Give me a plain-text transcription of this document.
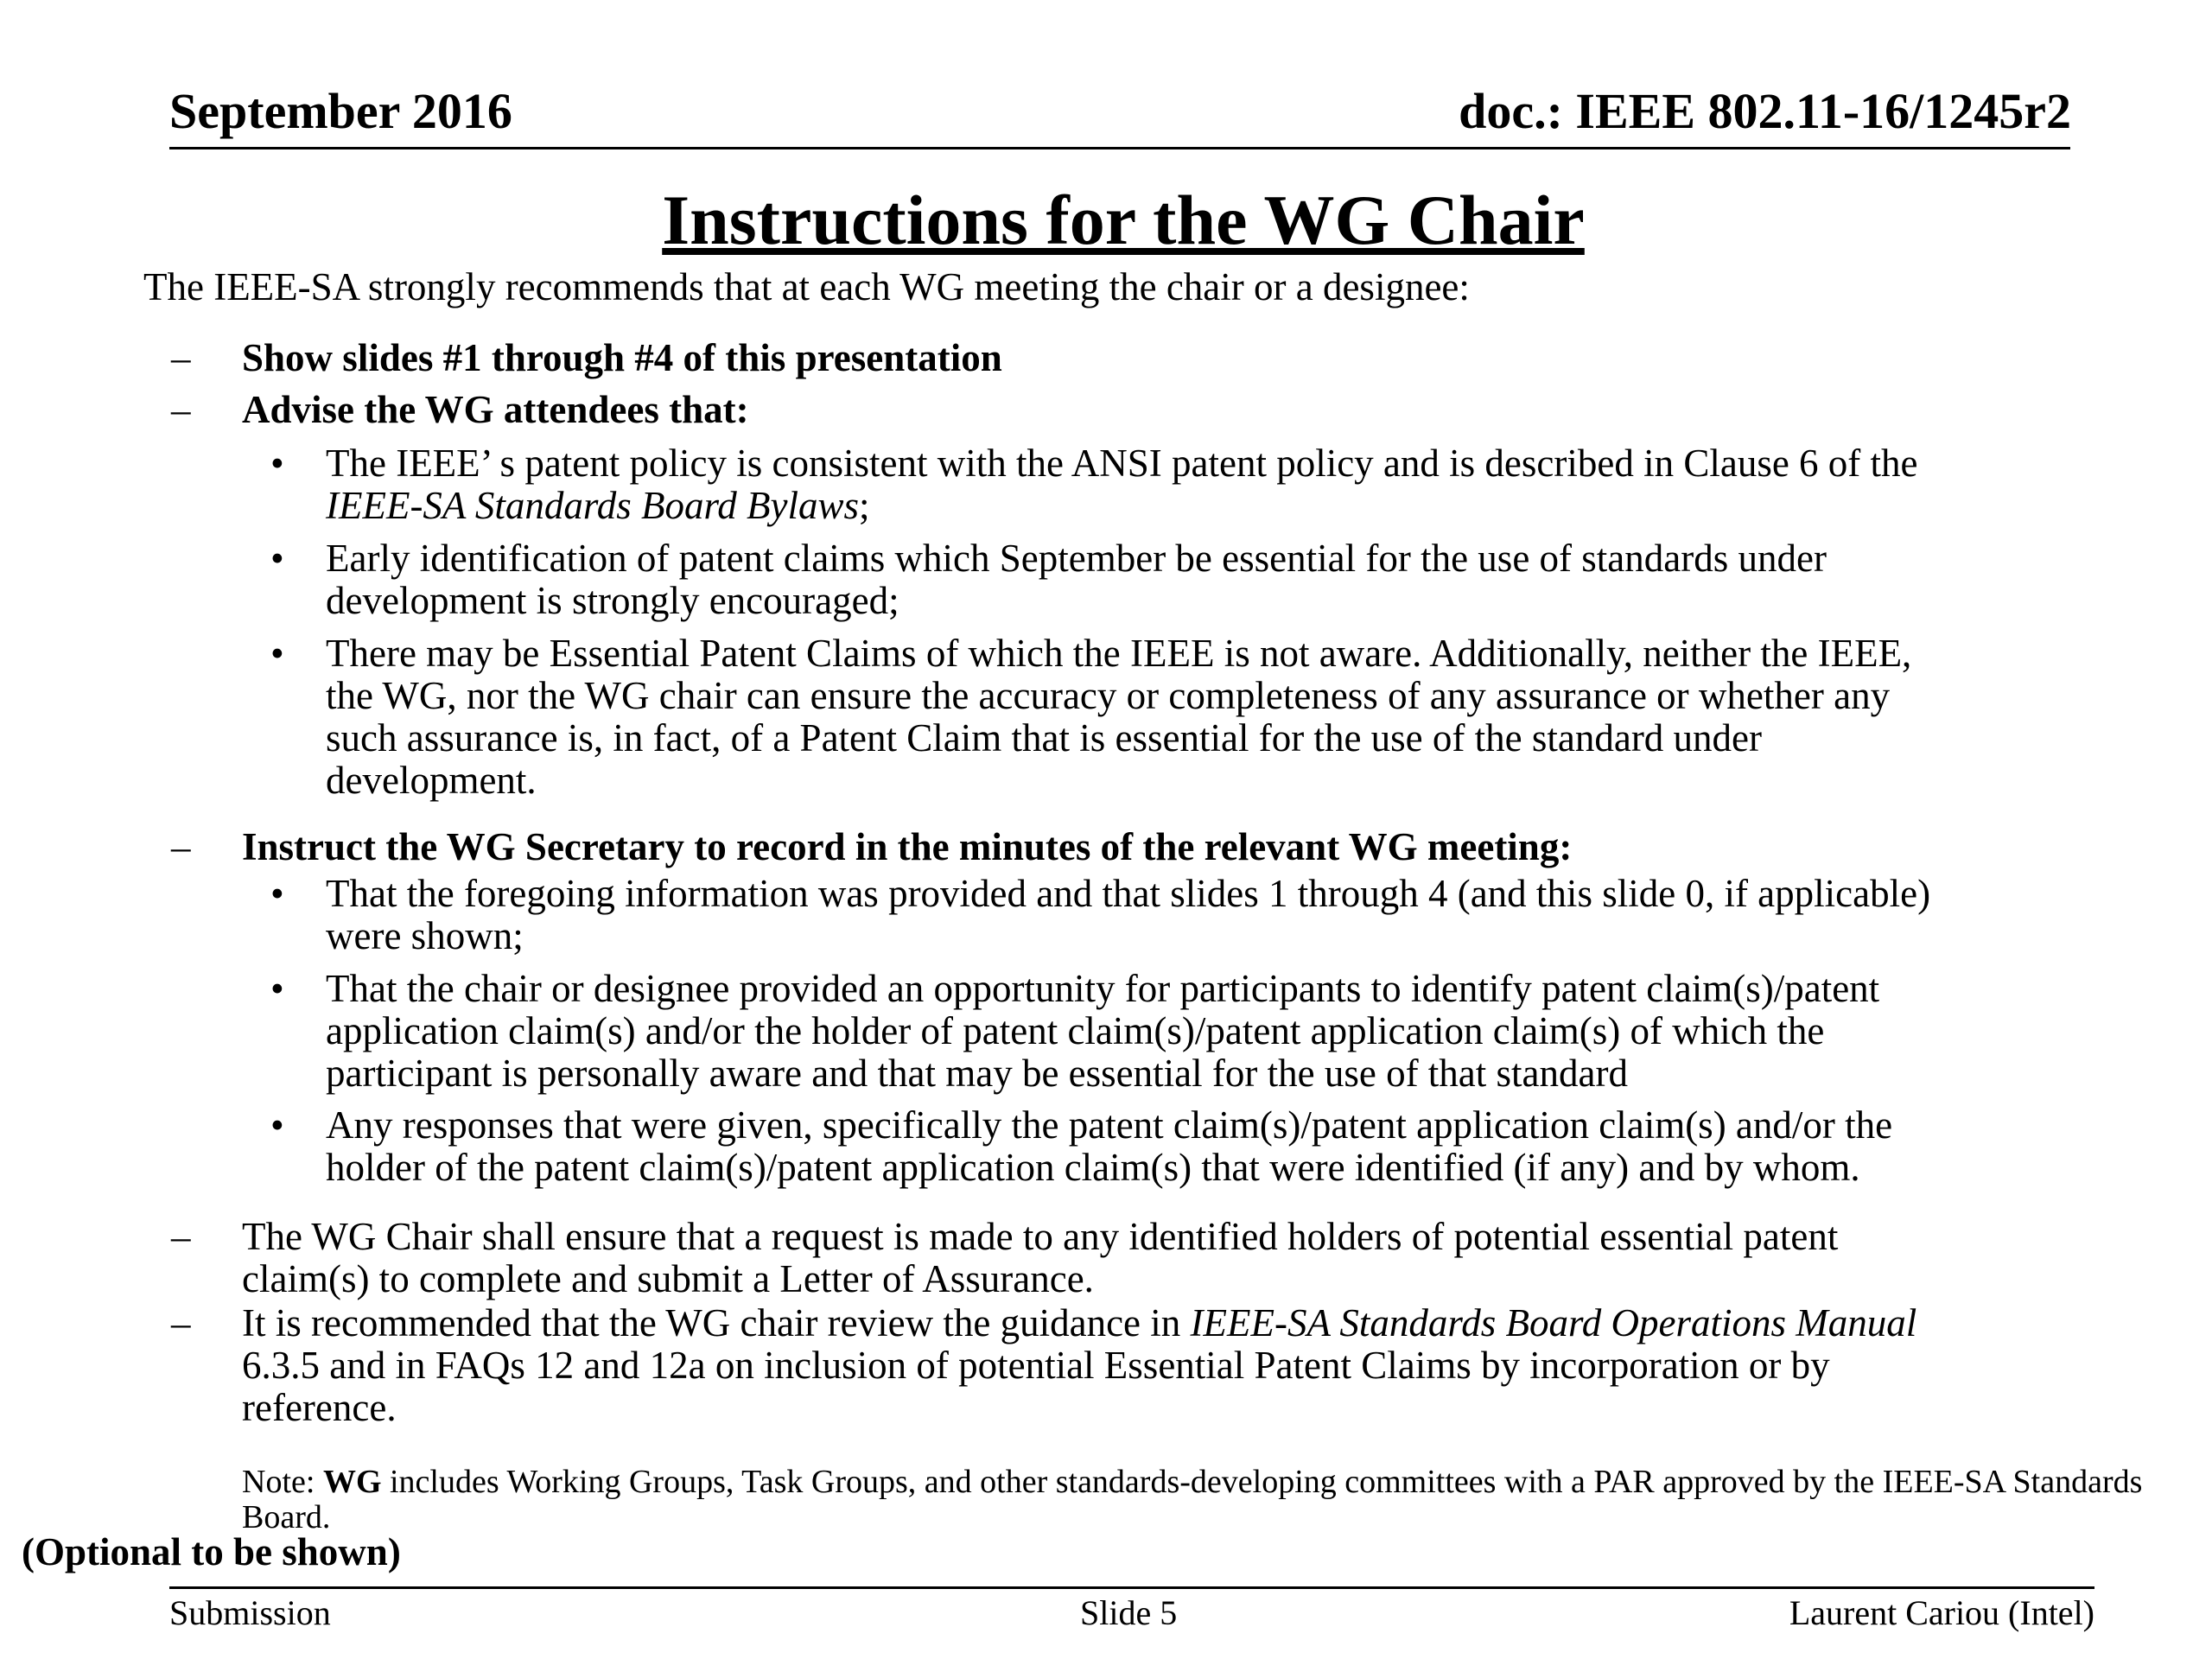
September 2016	doc.: IEEE 802.11-16/1245r2
Instructions for the WG Chair
The IEEE-SA strongly recommends that at each WG meeting the chair or a designee:
– Show slides #1 through #4 of this presentation
– Advise the WG attendees that:
• The IEEE’ s patent policy is consistent with the ANSI patent policy and is described in Clause 6 of the
IEEE-SA Standards Board Bylaws;
• Early identification of patent claims which September be essential for the use of standards under
development is strongly encouraged;
• There may be Essential Patent Claims of which the IEEE is not aware. Additionally, neither the IEEE,
the WG, nor the WG chair can ensure the accuracy or completeness of any assurance or whether any
such assurance is, in fact, of a Patent Claim that is essential for the use of the standard under
development.
– Instruct the WG Secretary to record in the minutes of the relevant WG meeting:
• That the foregoing information was provided and that slides 1 through 4 (and this slide 0, if applicable)
were shown;
• That the chair or designee provided an opportunity for participants to identify patent claim(s)/patent
application claim(s) and/or the holder of patent claim(s)/patent application claim(s) of which the
participant is personally aware and that may be essential for the use of that standard
• Any responses that were given, specifically the patent claim(s)/patent application claim(s) and/or the
holder of the patent claim(s)/patent application claim(s) that were identified (if any) and by whom.
– The WG Chair shall ensure that a request is made to any identified holders of potential essential patent
claim(s) to complete and submit a Letter of Assurance.
– It is recommended that the WG chair review the guidance in IEEE-SA Standards Board Operations Manual
6.3.5 and in FAQs 12 and 12a on inclusion of potential Essential Patent Claims by incorporation or by
reference.
Note: WG includes Working Groups, Task Groups, and other standards-developing committees with a PAR approved by the IEEE-SA Standards Board.
(Optional to be shown)
Submission	Slide 5	Laurent Cariou (Intel)
